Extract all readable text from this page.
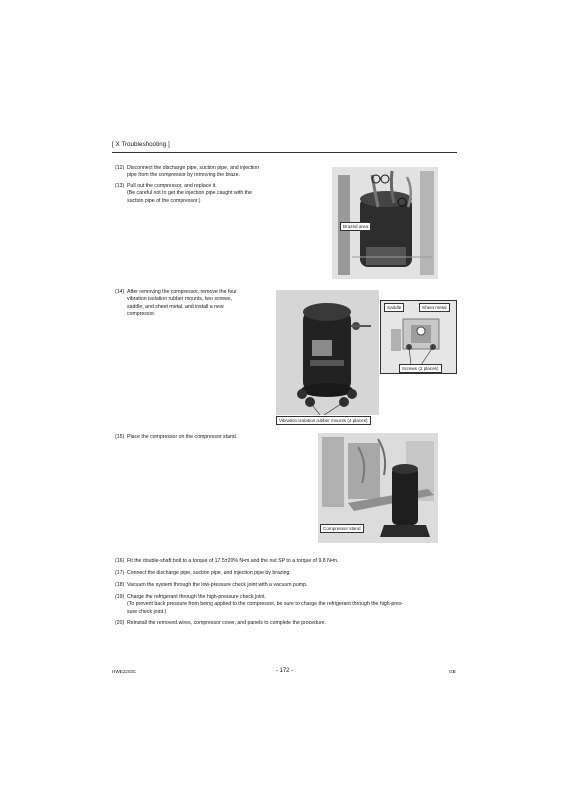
[ X Troubleshooting ]
(12) Disconnect the discharge pipe, suction pipe, and injection
pipe from the compressor by removing the braze.
(13) Pull out the compressor, and replace it.
(Be careful not to get the injection pipe caught with the
suction pipe of the compressor.)
Brazed area
(14) After removing the compressor, remove the four
vibration isolation rubber mounts, two screws,
saddle, and sheet metal, and install a new
compressor.
Saddle	Sheet metal
Screws (2 places)
Vibration isolation rubber mounts (4 places)
(15) Place the compressor on the compressor stand.
Compressor stand
(16) Fit the double-shaft bolt to a torque of 17.5±20% N•m and the nut SP to a torque of 9.8 N•m.
(17) Connect the discharge pipe, suction pipe, and injection pipe by brazing.
(18) Vacuum the system through the low-pressure check joint with a vacuum pump.
(19) Charge the refrigerant through the high-pressure check joint.
(To prevent back pressure from being applied to the compressor, be sure to charge the refrigerant through the high-pres-
sure check joint.)
(20) Reinstall the removed wires, compressor cover, and panels to complete the procedure.
HWE2202C	- 172 -	GB
